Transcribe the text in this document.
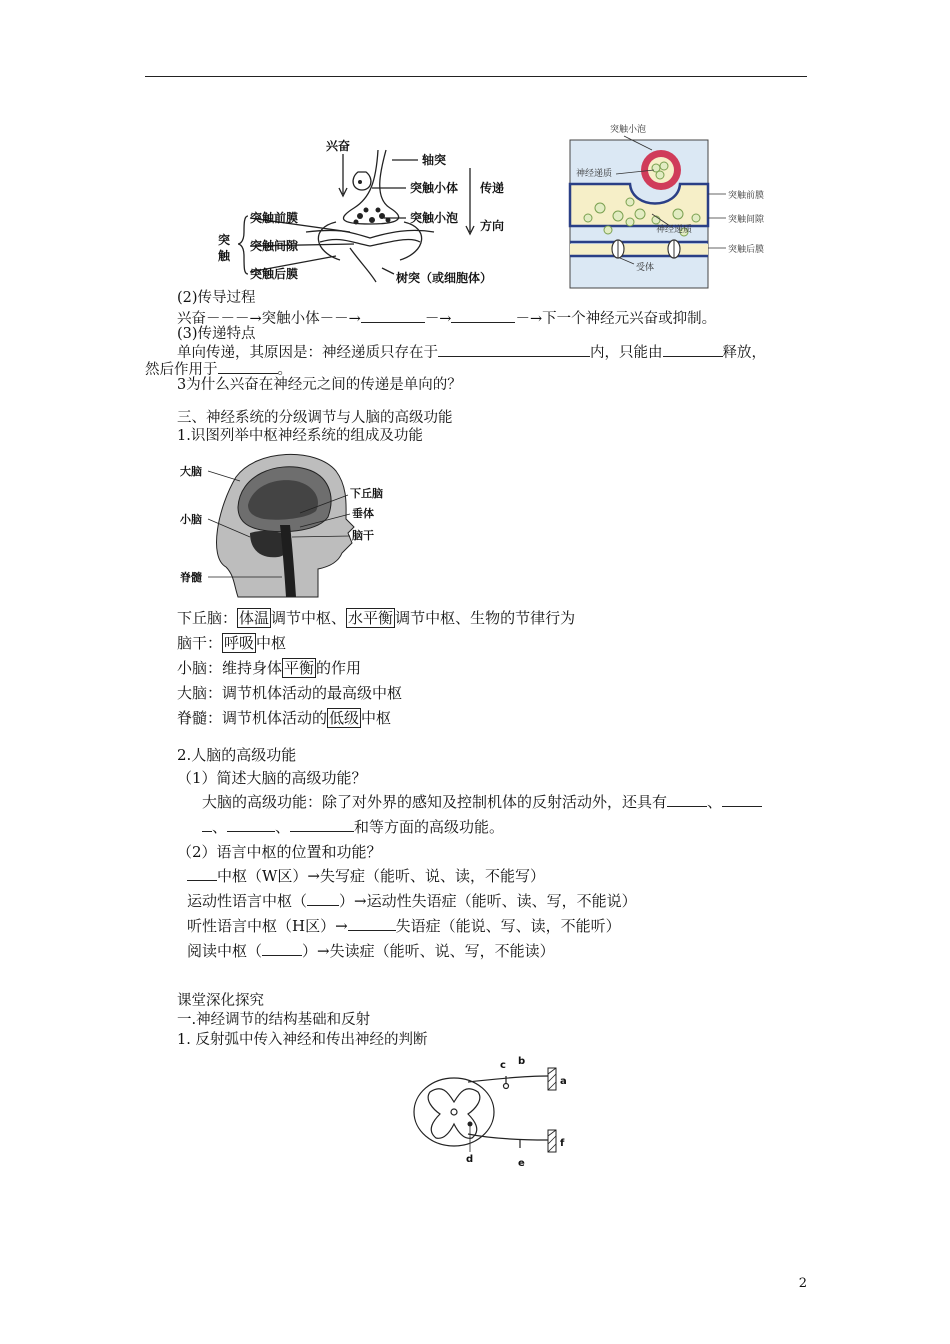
兴奋
轴突
突触小体
突触小泡
传递
方向
突
触
突触前膜
突触间隙
突触后膜	树突（或细胞体）
突触小泡
神经递质
突触前膜
突触间隙
神经递质
突触后膜
受体
(2)传导过程
兴奋－－－→突触小体－－→	－→	－→下一个神经元兴奋或抑制。
(3)传递特点
单向传递，其原因是：神经递质只存在于	内，只能由	释放，
然后作用于	。
3为什么兴奋在神经元之间的传递是单向的？
三、神经系统的分级调节与人脑的高级功能
1.识图列举中枢神经系统的组成及功能
大脑
下丘脑
垂体
小脑
脑干
脊髓
下丘脑： 体温 调节中枢、 水平衡 调节中枢、生物的节律行为
脑干： 呼吸 中枢
小脑：维持身体 平衡 的作用
大脑：调节机体活动的最高级中枢
脊髓：调节机体活动的 低级 中枢
2.人脑的高级功能
（1）简述大脑的高级功能？
大脑的高级功能：除了对外界的感知及控制机体的反射活动外，还具有	、
、	、	和等方面的高级功能。
（2）语言中枢的位置和功能？
中枢（W区）→失写症（能听、说、读，不能写）
运动性语言中枢（ ）→运动性失语症（能听、读、写，不能说）
听性语言中枢（H区）→	失语症（能说、写、读，不能听）
阅读中枢（	）→失读症（能听、说、写，不能读）
课堂深化探究
一.神经调节的结构基础和反射
1. 反射弧中传入神经和传出神经的判断
c b
a
f
d	e
2
